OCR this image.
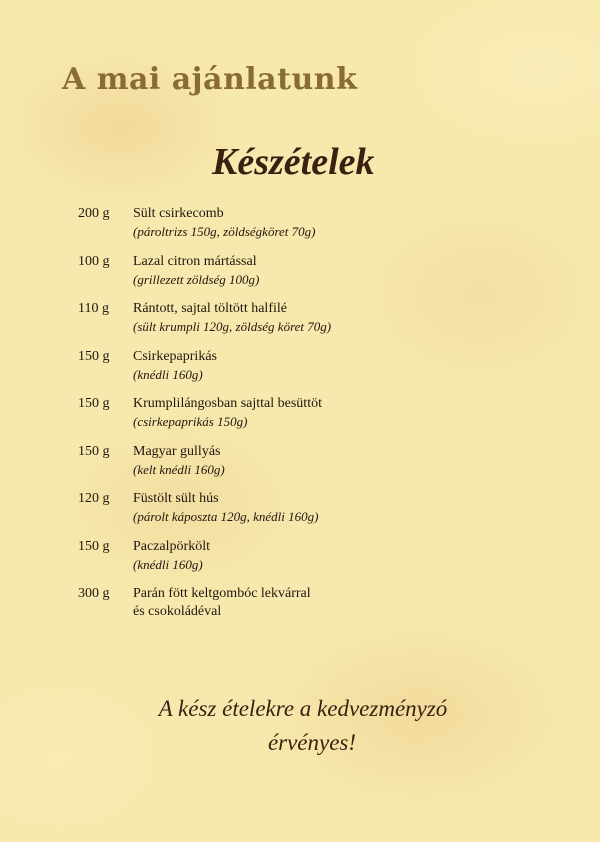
A mai ajánlatunk
Készételek
200 g Sült csirkecomb
(pároltrizs 150g, zöldségköret 70g)
100 g Lazal citron mártással
(grillezett zöldség 100g)
110 g Rántott, sajtal töltött halfilé
(sült krumpli 120g, zöldség köret 70g)
150 g Csirkepaprikás
(knédli 160g)
150 g Krumplilángosban sajttal besüttöt
(csirkepaprikás 150g)
150 g Magyar gullyás
(kelt knédli 160g)
120 g Füstölt sült hús
(párolt káposzta 120g, knédli 160g)
150 g Paczalpörkölt
(knédli 160g)
300 g Parán fött keltgombóc lekvárral
és csokoládéval
A kész ételekre a kedvezményzó
érvényes!
